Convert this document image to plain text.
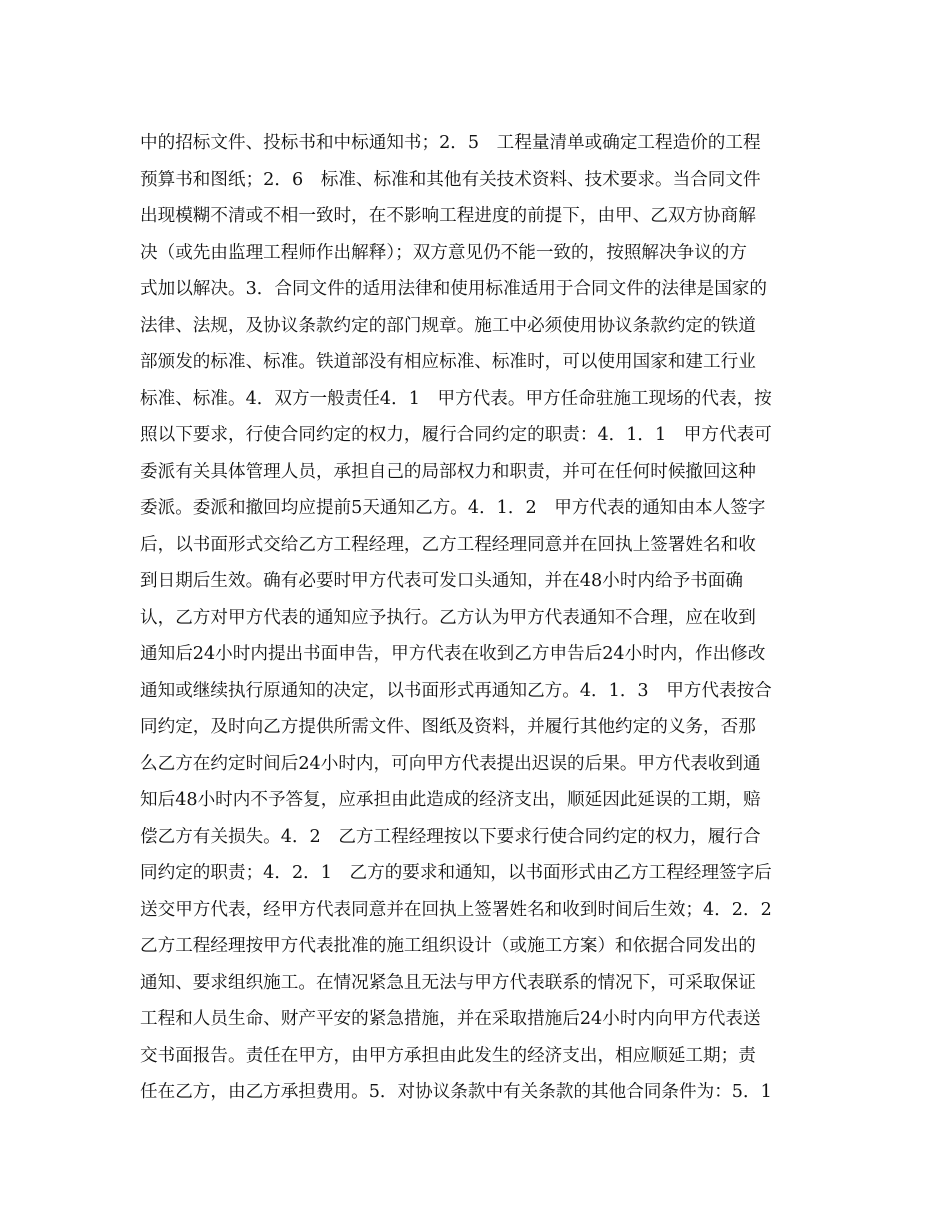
中的招标文件、投标书和中标通知书；2．5　工程量清单或确定工程造价的工程
预算书和图纸；2．6　标准、标准和其他有关技术资料、技术要求。当合同文件
出现模糊不清或不相一致时，在不影响工程进度的前提下，由甲、乙双方协商解
决（或先由监理工程师作出解释）；双方意见仍不能一致的，按照解决争议的方
式加以解决。3．合同文件的适用法律和使用标准适用于合同文件的法律是国家的
法律、法规，及协议条款约定的部门规章。施工中必须使用协议条款约定的铁道
部颁发的标准、标准。铁道部没有相应标准、标准时，可以使用国家和建工行业
标准、标准。4．双方一般责任4．1　甲方代表。甲方任命驻施工现场的代表，按
照以下要求，行使合同约定的权力，履行合同约定的职责：4．1．1　甲方代表可
委派有关具体管理人员，承担自己的局部权力和职责，并可在任何时候撤回这种
委派。委派和撤回均应提前5天通知乙方。4．1．2　甲方代表的通知由本人签字
后，以书面形式交给乙方工程经理，乙方工程经理同意并在回执上签署姓名和收
到日期后生效。确有必要时甲方代表可发口头通知，并在48小时内给予书面确
认，乙方对甲方代表的通知应予执行。乙方认为甲方代表通知不合理，应在收到
通知后24小时内提出书面申告，甲方代表在收到乙方申告后24小时内，作出修改
通知或继续执行原通知的决定，以书面形式再通知乙方。4．1．3　甲方代表按合
同约定，及时向乙方提供所需文件、图纸及资料，并履行其他约定的义务，否那
么乙方在约定时间后24小时内，可向甲方代表提出迟误的后果。甲方代表收到通
知后48小时内不予答复，应承担由此造成的经济支出，顺延因此延误的工期，赔
偿乙方有关损失。4．2　乙方工程经理按以下要求行使合同约定的权力，履行合
同约定的职责；4．2．1　乙方的要求和通知，以书面形式由乙方工程经理签字后
送交甲方代表，经甲方代表同意并在回执上签署姓名和收到时间后生效；4．2．2
乙方工程经理按甲方代表批准的施工组织设计（或施工方案）和依据合同发出的
通知、要求组织施工。在情况紧急且无法与甲方代表联系的情况下，可采取保证
工程和人员生命、财产平安的紧急措施，并在采取措施后24小时内向甲方代表送
交书面报告。责任在甲方，由甲方承担由此发生的经济支出，相应顺延工期；责
任在乙方，由乙方承担费用。5．对协议条款中有关条款的其他合同条件为：5．1
